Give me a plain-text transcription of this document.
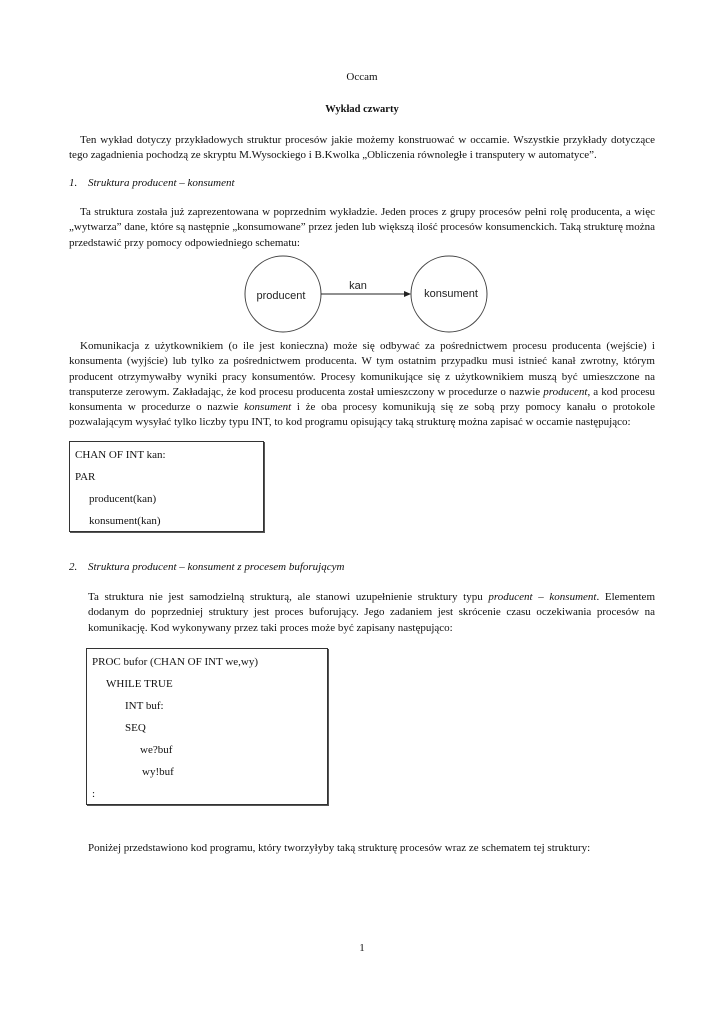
Occam

Wykład czwarty

Ten wykład dotyczy przykładowych struktur procesów jakie możemy konstruować w occamie. Wszystkie przykłady dotyczące tego zagadnienia pochodzą ze skryptu M.Wysockiego i B.Kwolka „Obliczenia równoległe i transputery w automatyce”.

1. Struktura producent – konsument

Ta struktura została już zaprezentowana w poprzednim wykładzie. Jeden proces z grupy procesów pełni rolę producenta, a więc „wytwarza” dane, które są następnie „konsumowane” przez jeden lub większą ilość procesów konsumenckich. Taką strukturę można przedstawić przy pomocy odpowiedniego schematu:

producent	konsument
kan

Komunikacja z użytkownikiem (o ile jest konieczna) może się odbywać za pośrednictwem procesu producenta (wejście) i konsumenta (wyjście) lub tylko za pośrednictwem producenta. W tym ostatnim przypadku musi istnieć kanał zwrotny, którym producent otrzymywałby wyniki pracy konsumentów. Procesy komunikujące się z użytkownikiem muszą być umieszczone na transputerze zerowym. Zakładając, że kod procesu producenta został umieszczony w procedurze o nazwie producent, a kod procesu konsumenta w procedurze o nazwie konsument i że oba procesy komunikują się ze sobą przy pomocy kanału o protokole pozwalającym wysyłać tylko liczby typu INT, to kod programu opisujący taką strukturę można zapisać w occamie następująco:

CHAN OF INT kan:
PAR
producent(kan)
konsument(kan)
2. Struktura producent – konsument z procesem buforującym

Ta struktura nie jest samodzielną strukturą, ale stanowi uzupełnienie struktury typu producent – konsument. Elementem dodanym do poprzedniej struktury jest proces buforujący. Jego zadaniem jest skrócenie czasu oczekiwania procesów na komunikację. Kod wykonywany przez taki proces może być zapisany następująco:

PROC bufor (CHAN OF INT we,wy)
WHILE TRUE
INT buf:
SEQ
we?buf
wy!buf
:

Poniżej przedstawiono kod programu, który tworzyłyby taką strukturę procesów wraz ze schematem tej struktury:

1
